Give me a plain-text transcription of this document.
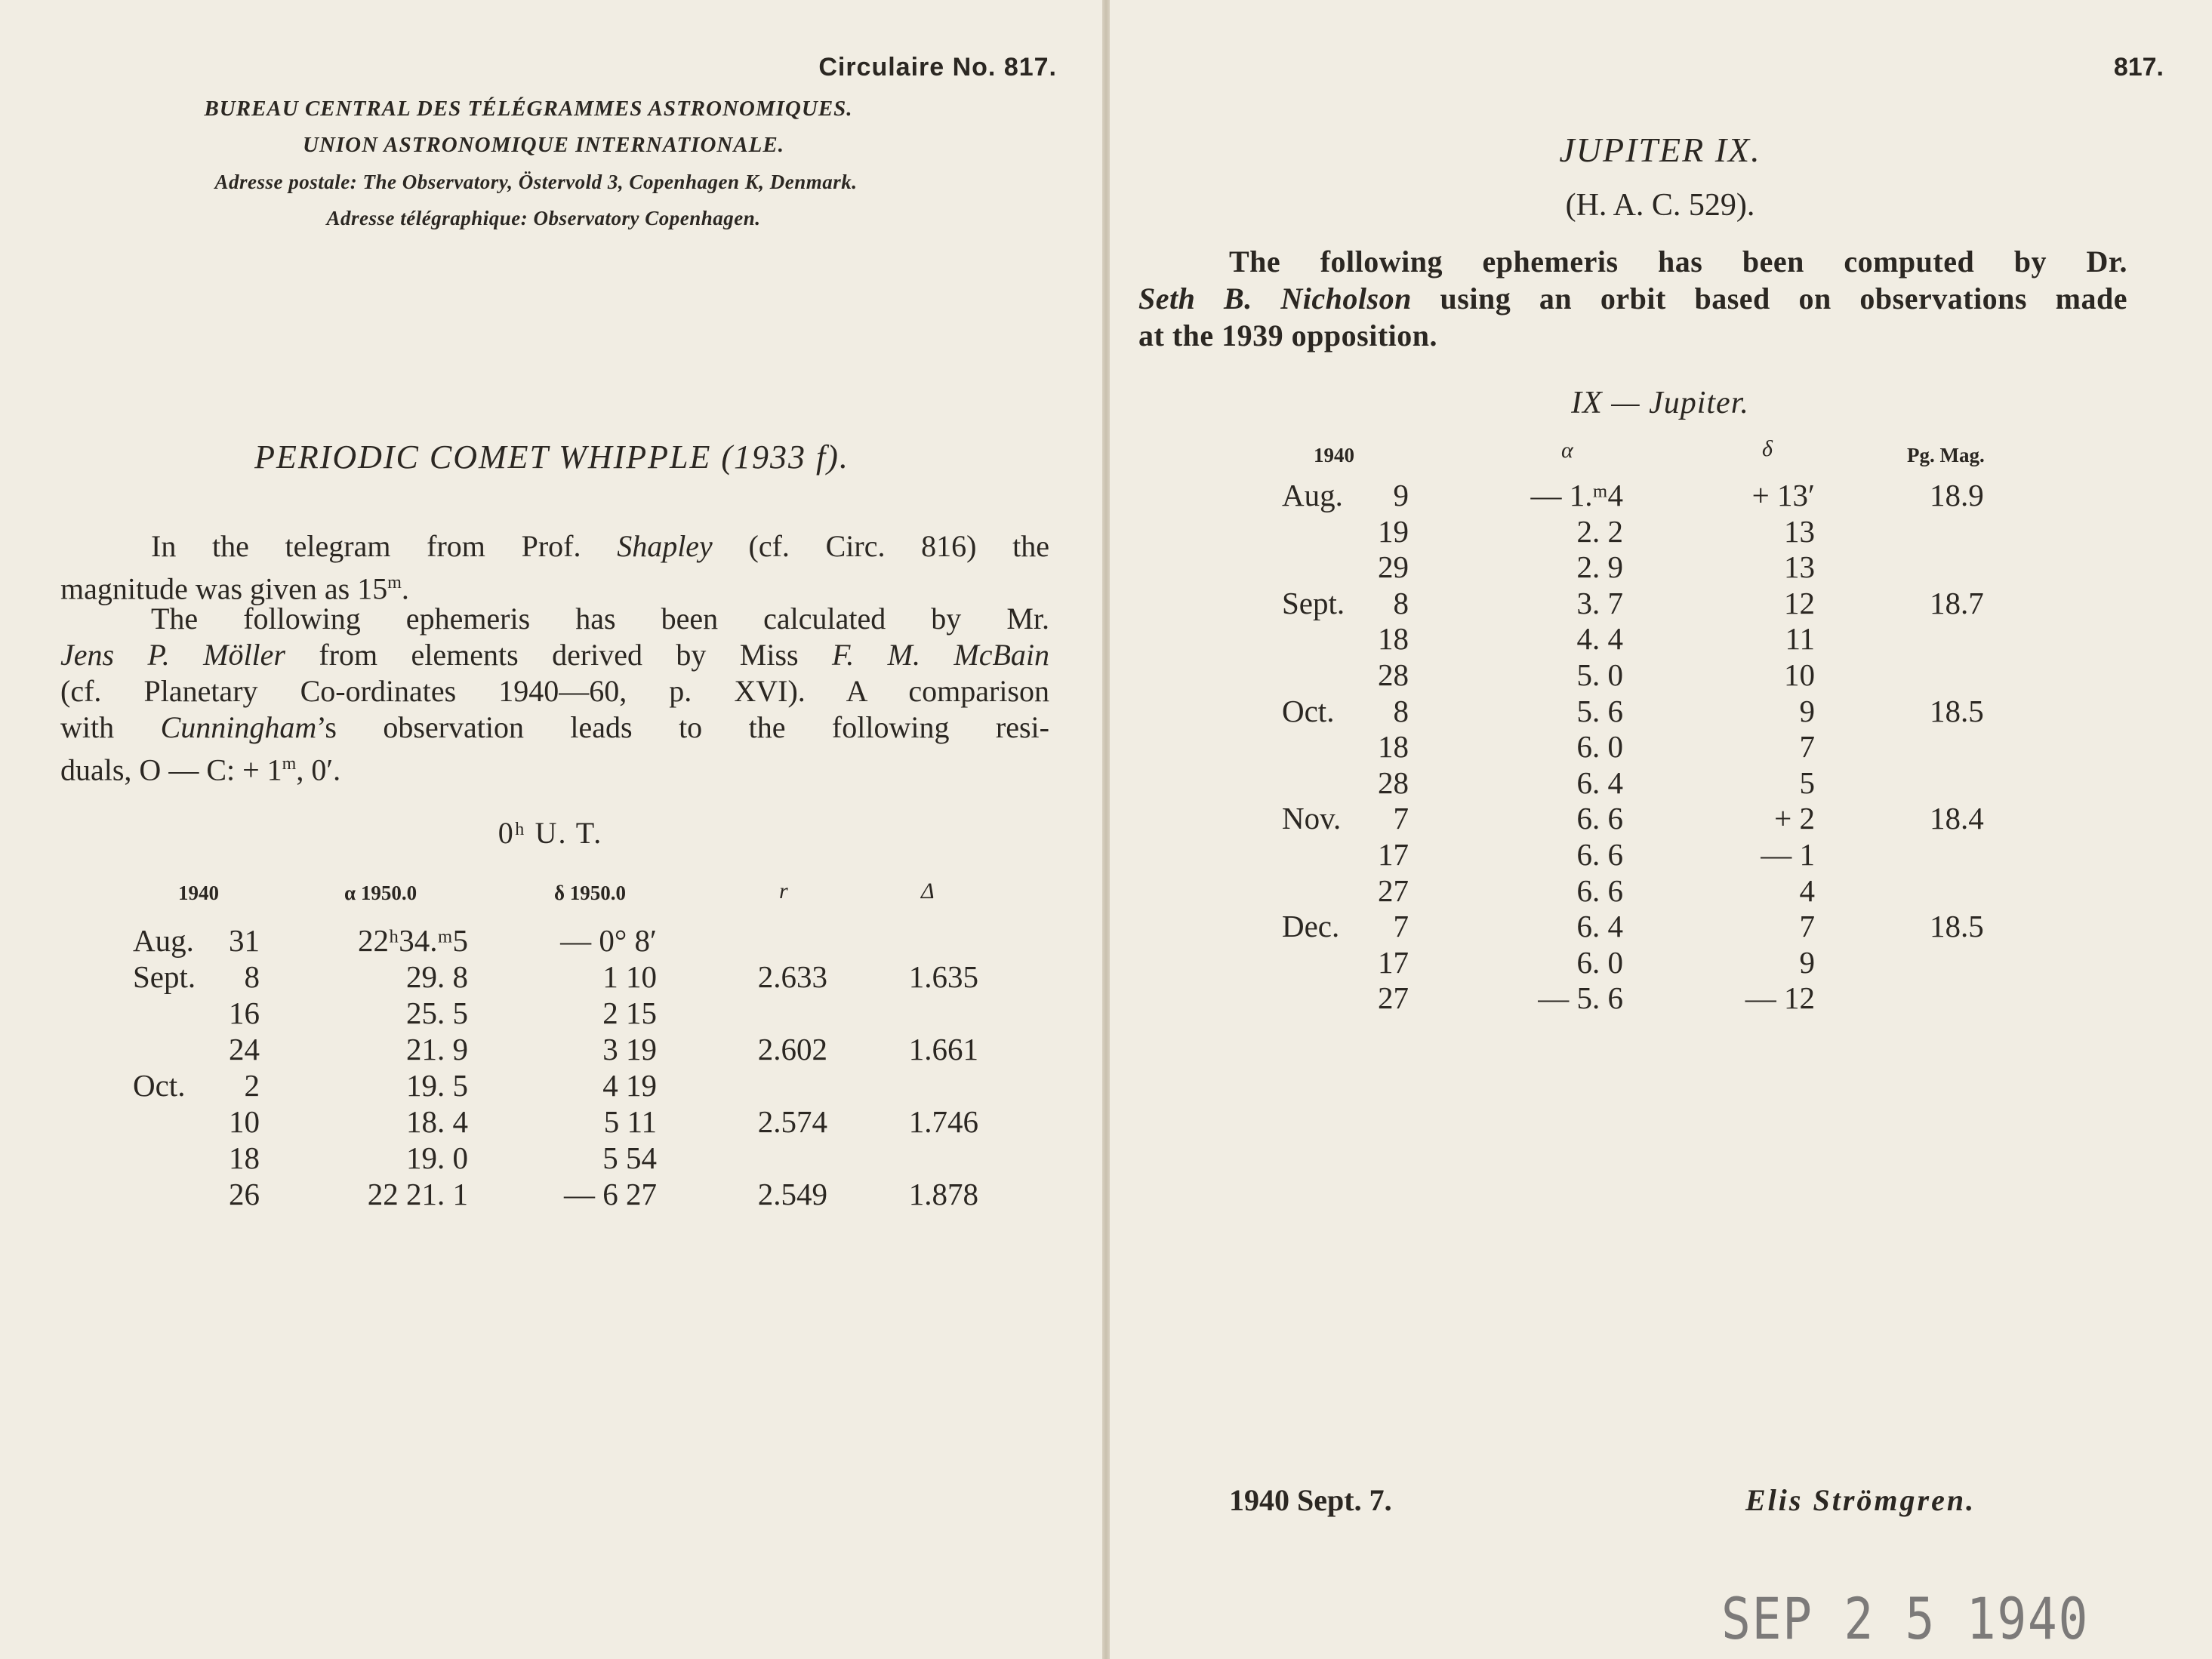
Circulaire No. 817.
BUREAU CENTRAL DES TÉLÉGRAMMES ASTRONOMIQUES.
UNION ASTRONOMIQUE INTERNATIONALE.
Adresse postale: The Observatory, Östervold 3, Copenhagen K, Denmark.
Adresse télégraphique: Observatory Copenhagen.
PERIODIC COMET WHIPPLE (1933 f).
In the telegram from Prof. Shapley (cf. Circ. 816) the
magnitude was given as 15$^m$.
The following ephemeris has been calculated by Mr.
Jens P. Möller from elements derived by Miss F. M. McBain
(cf. Planetary Co-ordinates 1940—60, p. XVI). A comparison
with Cunningham’s observation leads to the following resi-
duals, O — C: + $1^m$, 0′.
0ʰ U. T.
1940	α 1950.0	δ 1950.0	r	Δ
Aug.	31	22ʰ34.ᵐ5	— 0° 8′
Sept.	8	29. 8	1 10	2.633	1.635
16	25. 5	2 15
24	21. 9	3 19	2.602	1.661
Oct.	2	19. 5	4 19
10	18. 4	5 11	2.574	1.746
18	19. 0	5 54
26	22 21. 1	— 6 27	2.549	1.878
817.
JUPITER IX.
(H. A. C. 529).
The following ephemeris has been computed by Dr.
Seth B. Nicholson using an orbit based on observations made
at the 1939 opposition.
IX — Jupiter.
1940	α	δ	Pg. Mag.
Aug.	9	— 1.ᵐ4	+ 13′	18.9
19	2. 2	13
29	2. 9	13
Sept.	8	3. 7	12	18.7
18	4. 4	11
28	5. 0	10
Oct.	8	5. 6	9	18.5
18	6. 0	7
28	6. 4	5
Nov.	7	6. 6	+ 2	18.4
17	6. 6	— 1
27	6. 6	4
Dec.	7	6. 4	7	18.5
17	6. 0	9
27	— 5. 6	— 12
1940 Sept. 7.	Elis Strömgren.
SEP 2 5 1940
